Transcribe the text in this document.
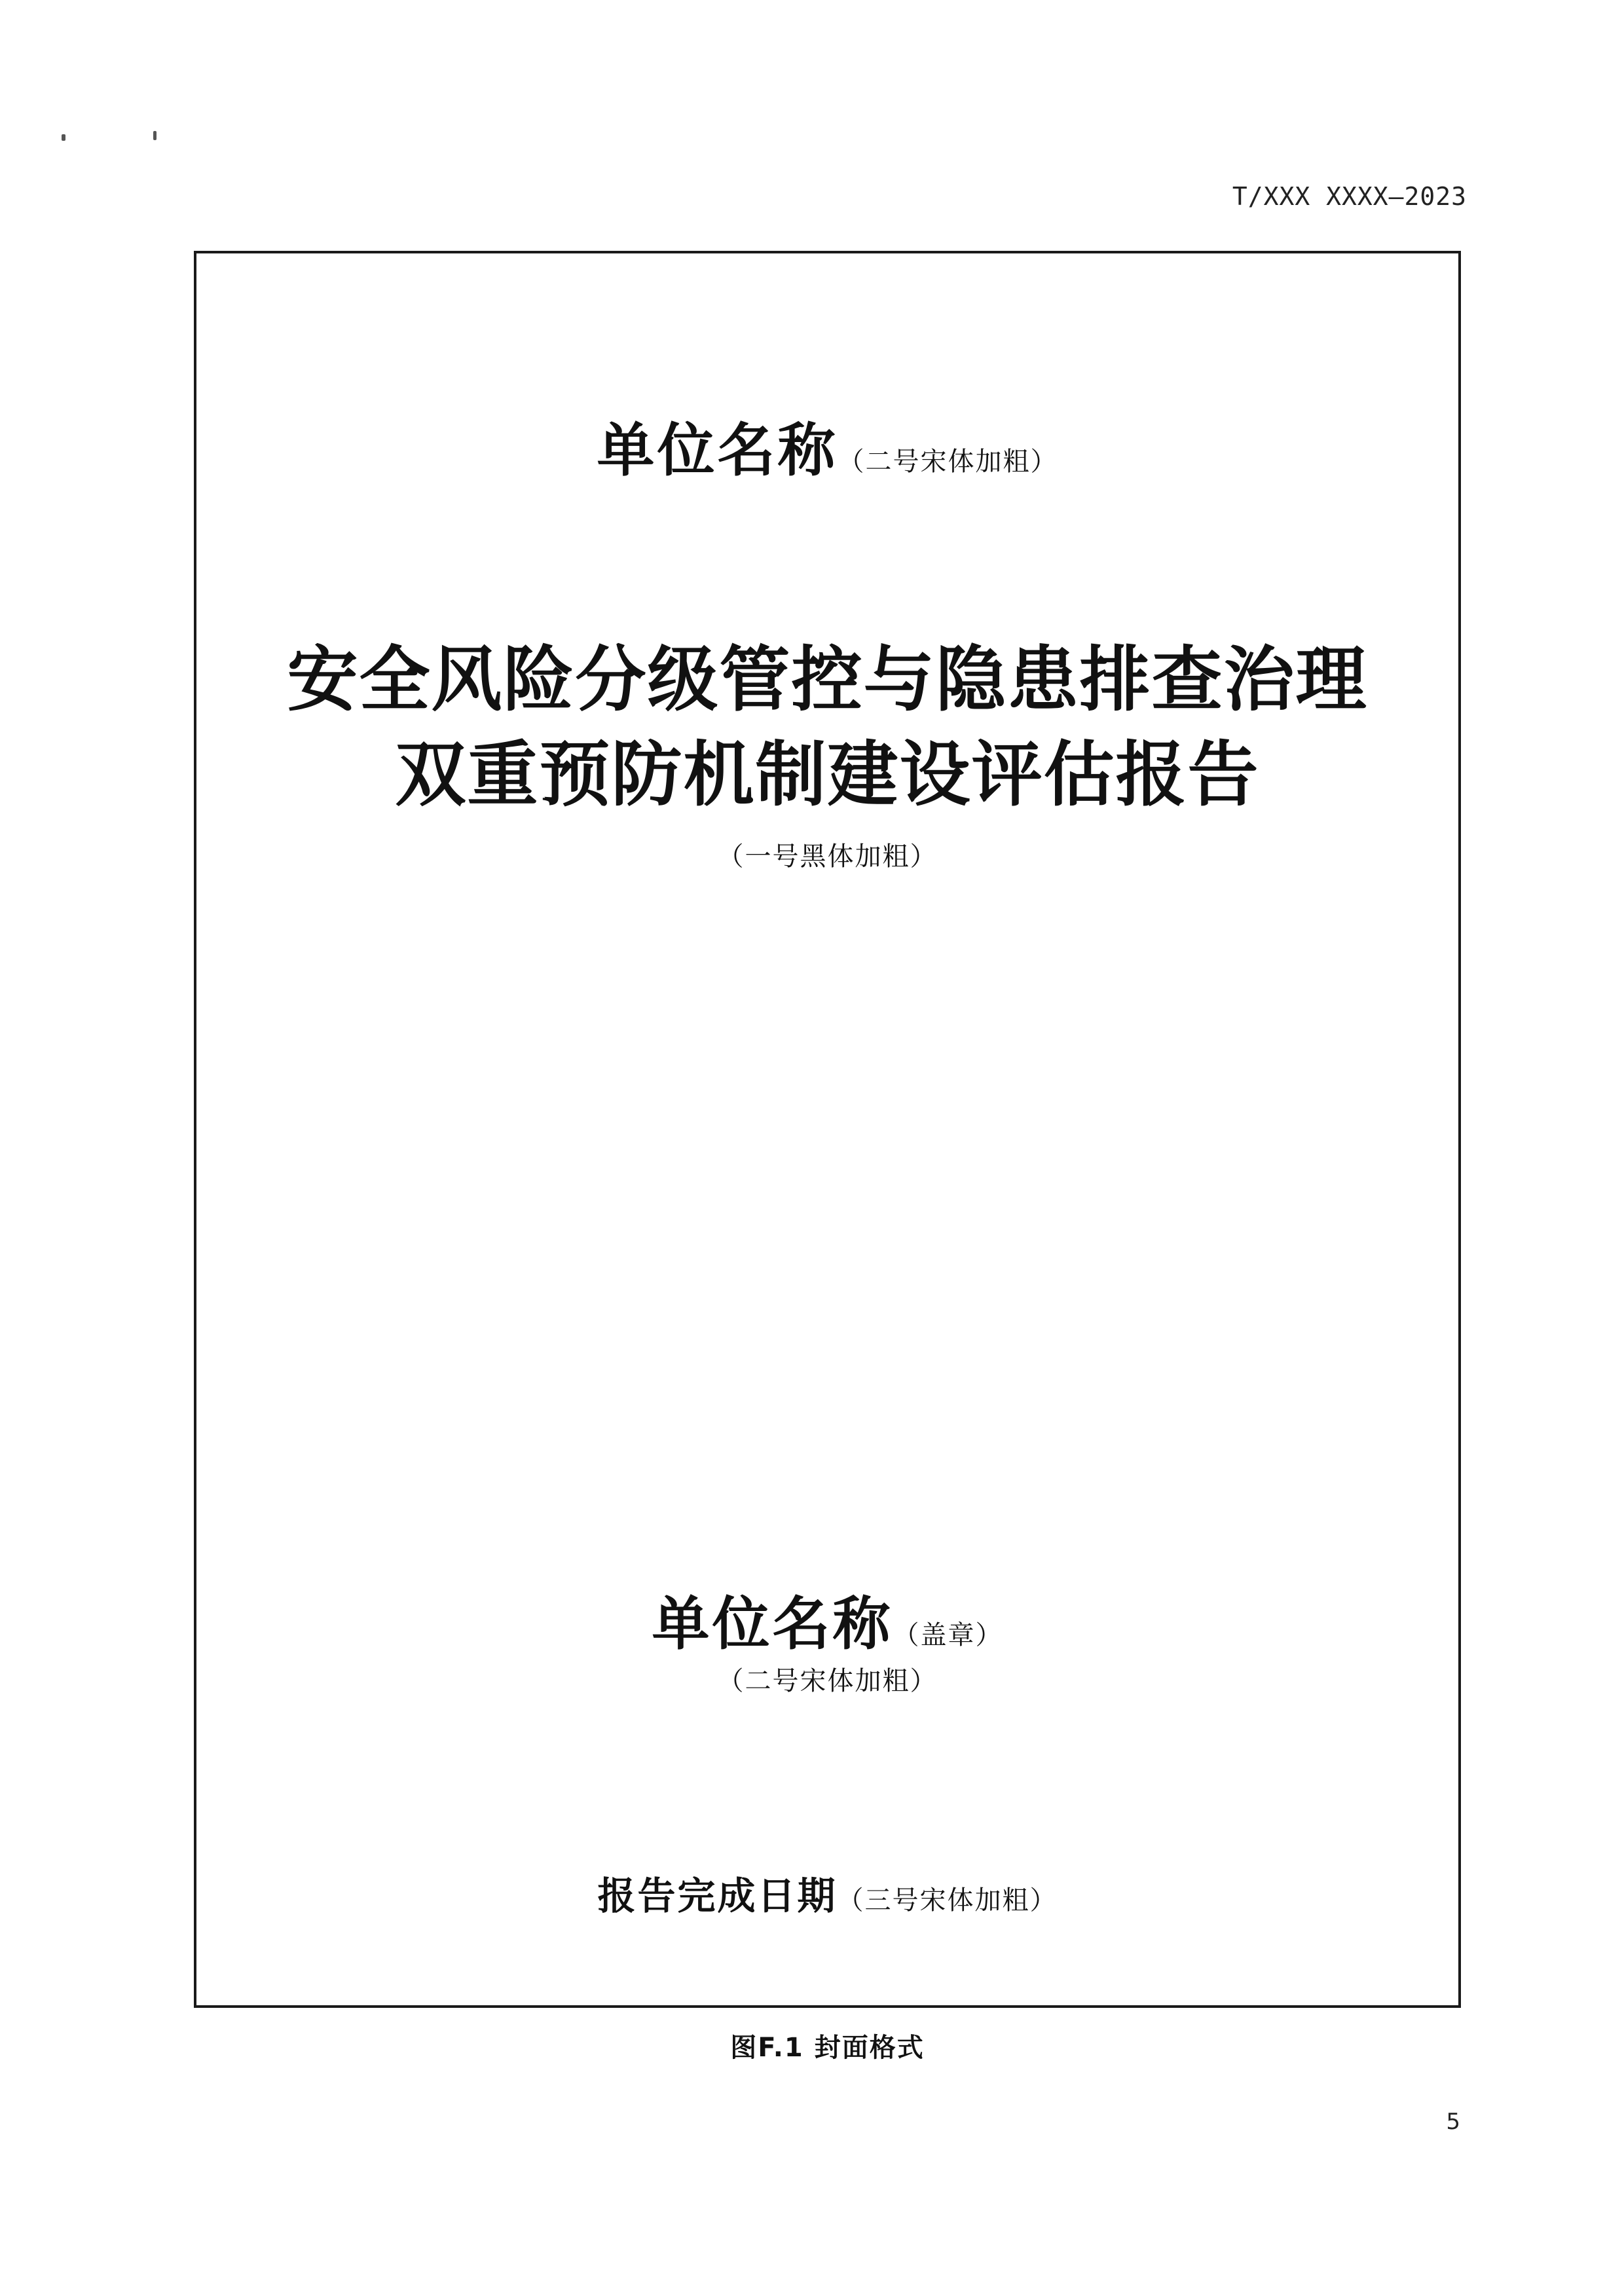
T/XXX XXXX—2023
单位名称（二号宋体加粗）
安全风险分级管控与隐患排查治理
双重预防机制建设评估报告
（一号黑体加粗）
单位名称（盖章）
（二号宋体加粗）
报告完成日期（三号宋体加粗）
图F.1 封面格式
5
